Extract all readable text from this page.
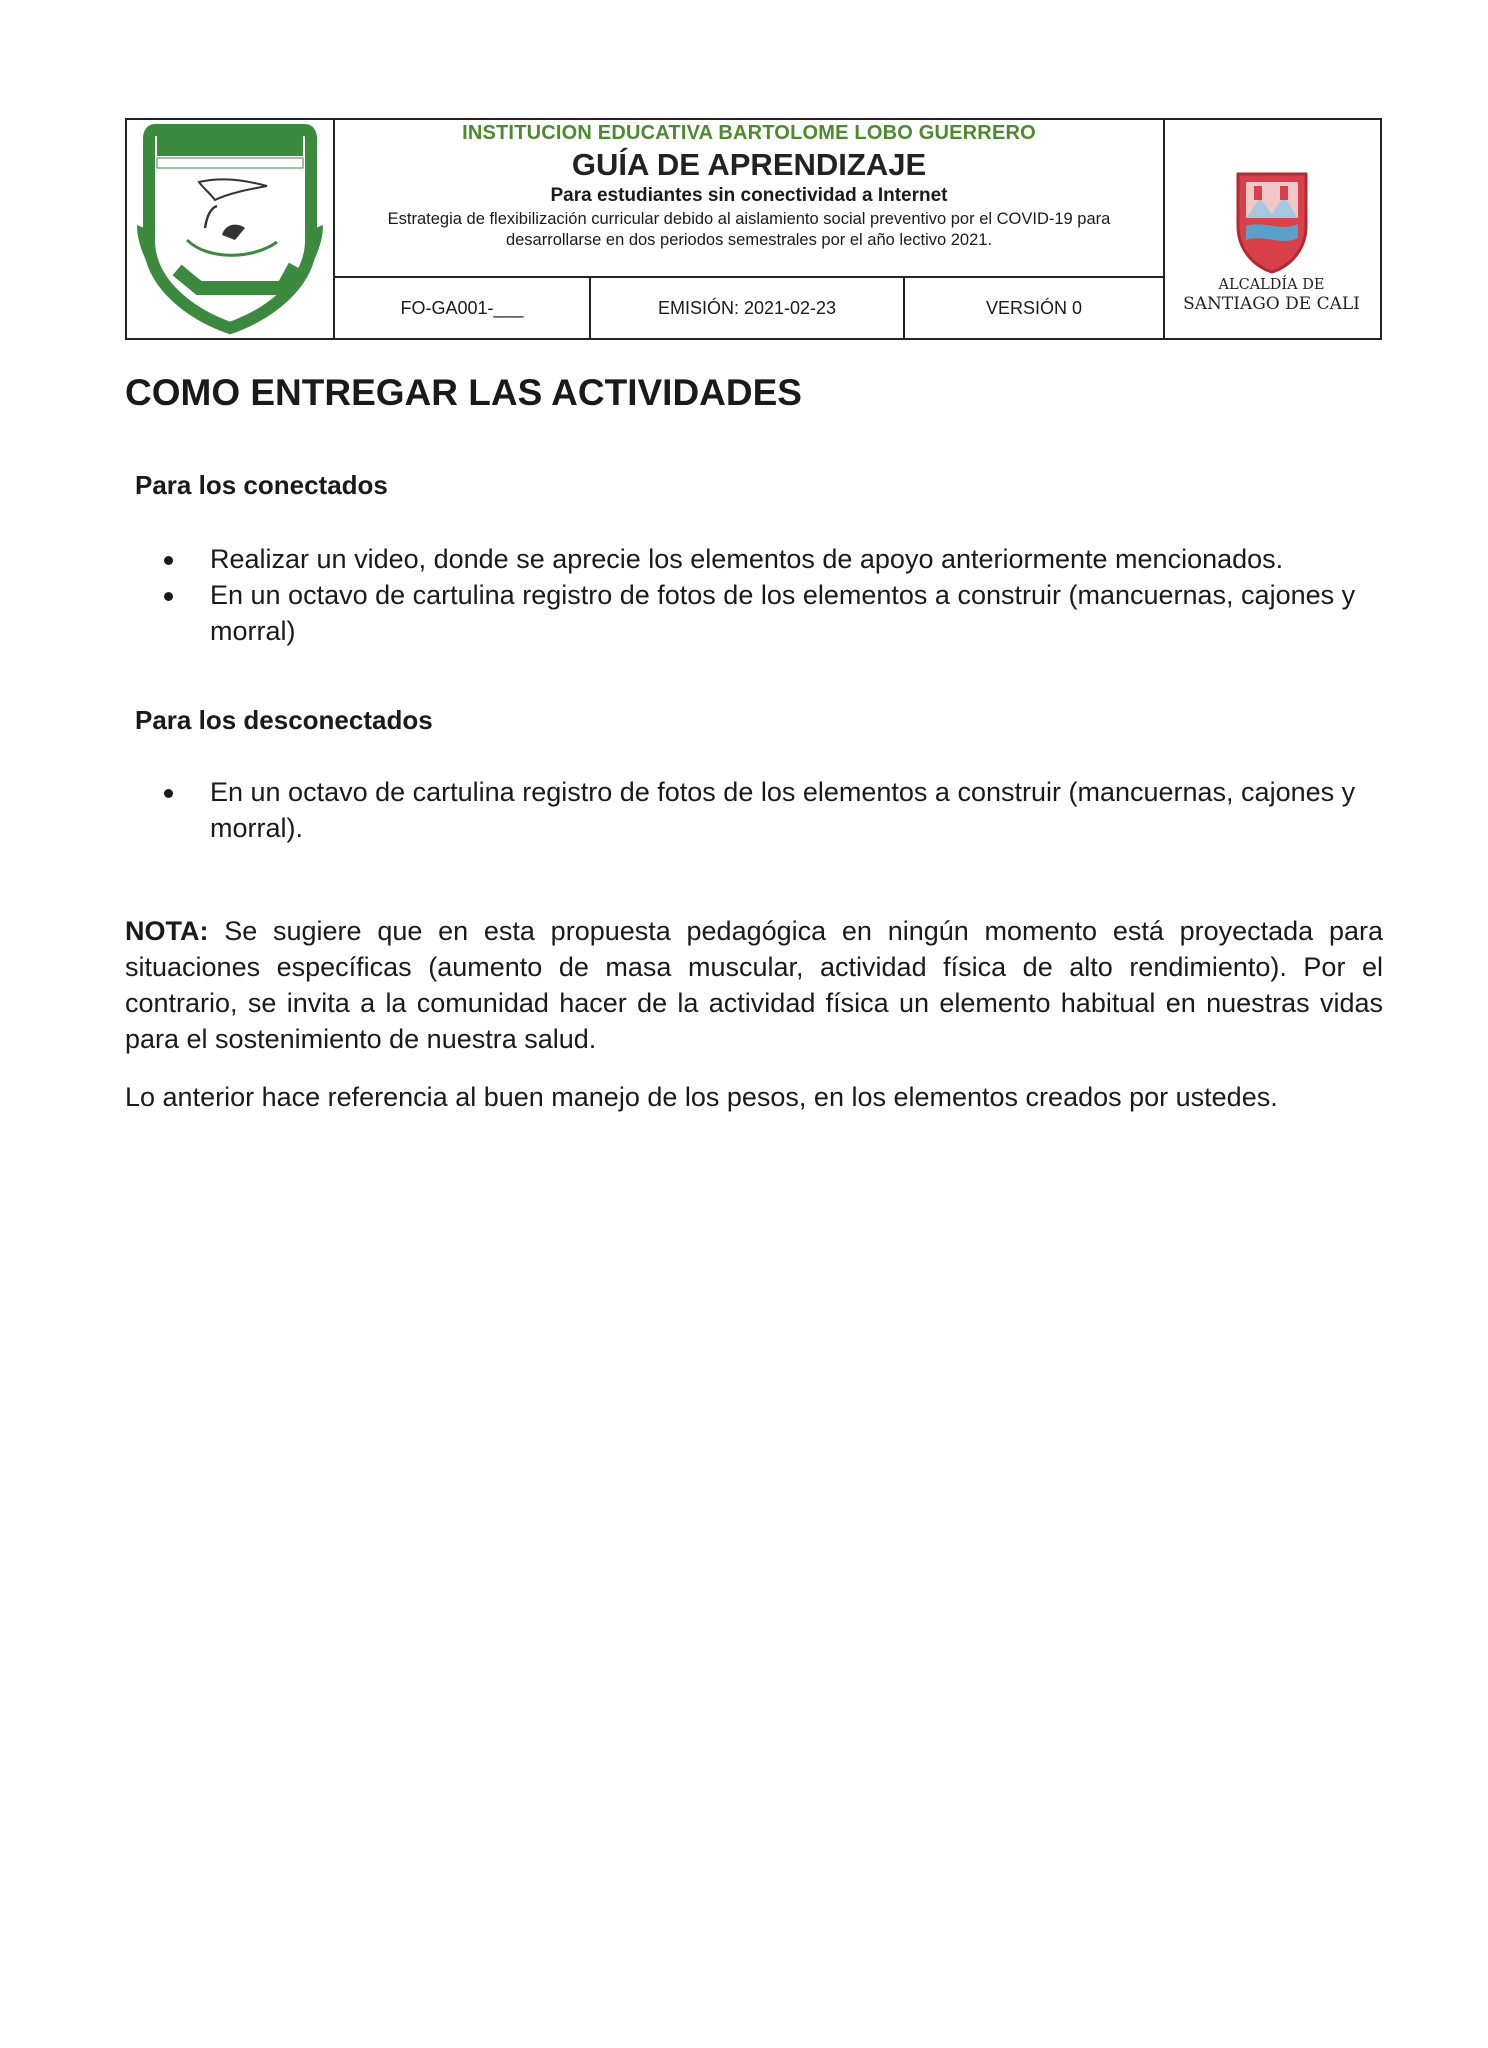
INSTITUCION EDUCATIVA BARTOLOME LOBO GUERRERO
GUÍA DE APRENDIZAJE
Para estudiantes sin conectividad a Internet
Estrategia de flexibilización curricular debido al aislamiento social preventivo por el COVID-19 para desarrollarse en dos periodos semestrales por el año lectivo 2021.
FO-GA001-___	EMISIÓN: 2021-02-23	VERSIÓN 0
ALCALDÍA DE
SANTIAGO DE CALI
COMO ENTREGAR LAS ACTIVIDADES
Para los conectados
Realizar un video, donde se aprecie los elementos de apoyo anteriormente mencionados.
En un octavo de cartulina registro de fotos de los elementos a construir (mancuernas, cajones y morral)
Para los desconectados
En un octavo de cartulina registro de fotos de los elementos a construir (mancuernas, cajones y morral).
NOTA: Se sugiere que en esta propuesta pedagógica en ningún momento está proyectada para situaciones específicas (aumento de masa muscular, actividad física de alto rendimiento). Por el contrario, se invita a la comunidad hacer de la actividad física un elemento habitual en nuestras vidas para el sostenimiento de nuestra salud.
Lo anterior hace referencia al buen manejo de los pesos, en los elementos creados por ustedes.
